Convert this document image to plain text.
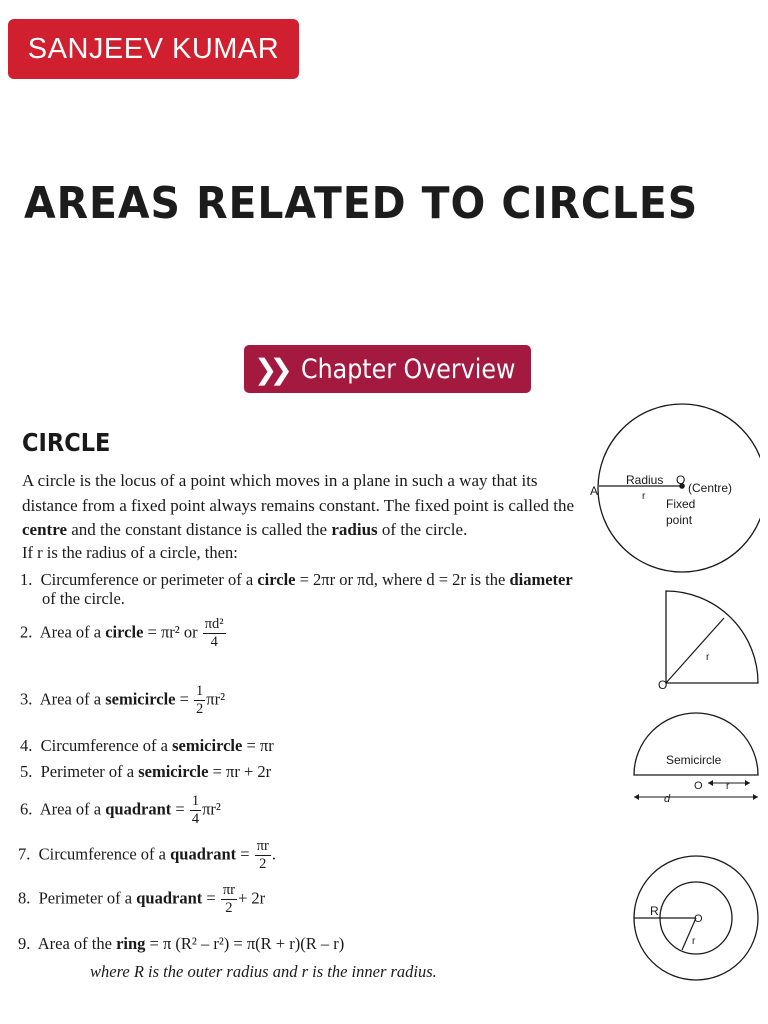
SANJEEV KUMAR
AREAS RELATED TO CIRCLES
❯❯ Chapter Overview
CIRCLE
A circle is the locus of a point which moves in a plane in such a way that its
distance from a fixed point always remains constant. The fixed point is called the
centre and the constant distance is called the radius of the circle.
If r is the radius of a circle, then:
1. Circumference or perimeter of a circle = 2πr or πd, where d = 2r is the diameter
of the circle.
2. Area of a circle = πr² or $\frac{\text{πd²}}{4}$
3. Area of a semicircle = $\frac{1}{2} \pi r^2$
4. Circumference of a semicircle = πr
5. Perimeter of a semicircle = πr + 2r
6. Area of a quadrant = $\frac{1}{4} \pi r^2$
7. Circumference of a quadrant = $\frac{\pi r}{2}$ .
8. Perimeter of a quadrant = $\frac{\pi r}{2} + 2r$
9. Area of the ring = π (R² – r²) = π(R + r)(R – r)
where R is the outer radius and r is the inner radius.
A
Radius
r
O
(Centre)
Fixed
point
r
O
Semicircle
O r
d
R
O
r
